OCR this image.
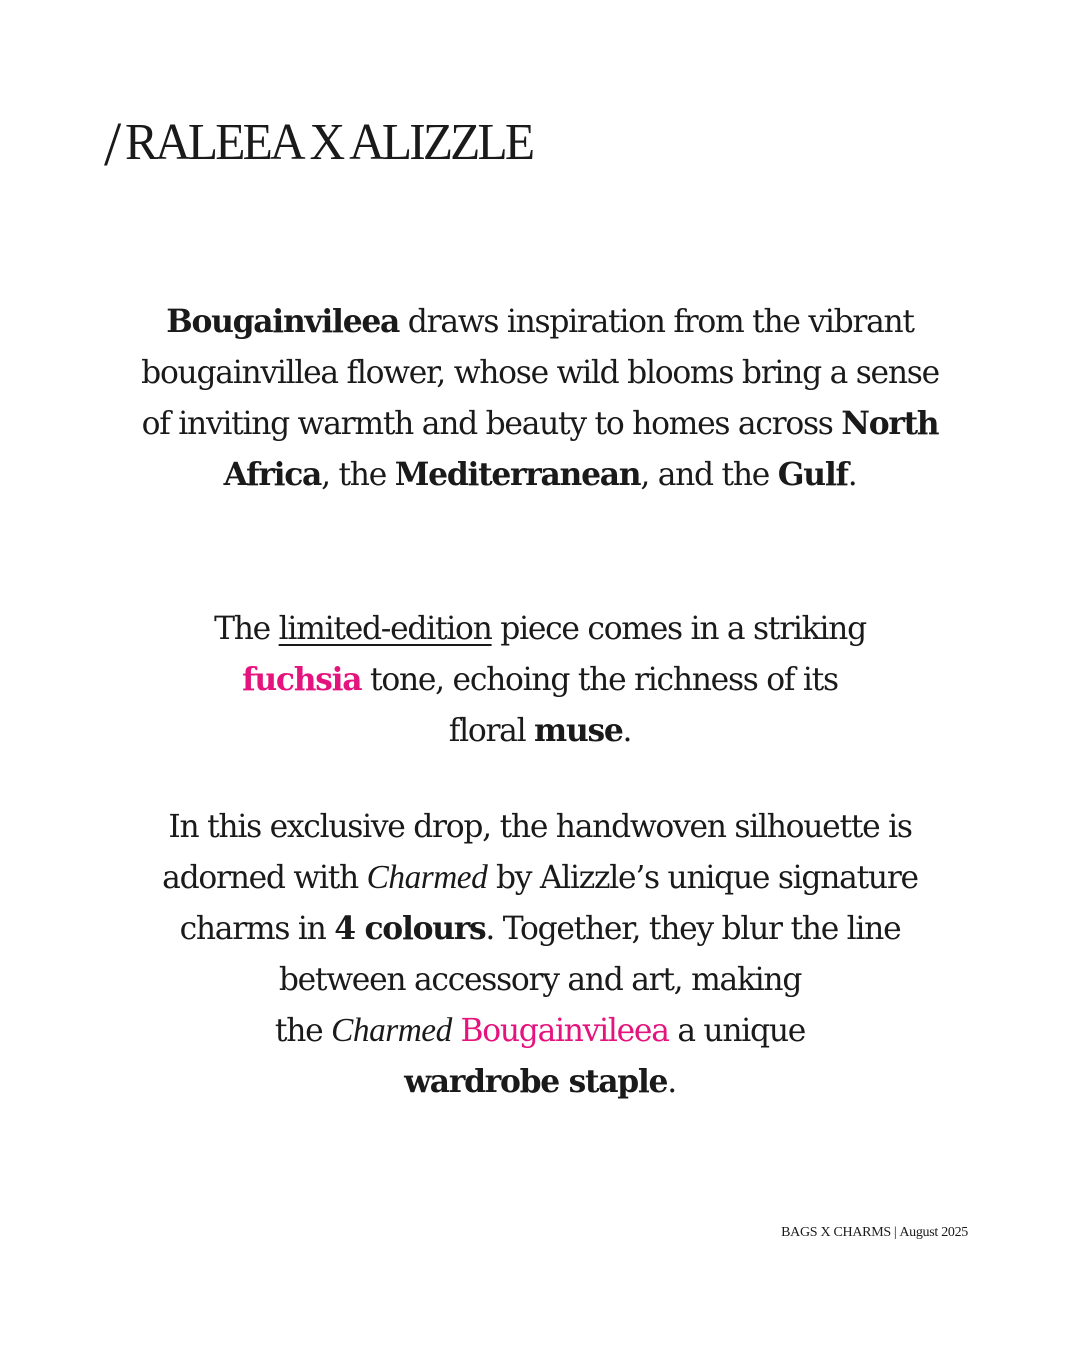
/RALEEA X ALIZZLE
Bougainvileea draws inspiration from the vibrant bougainvillea flower, whose wild blooms bring a sense of inviting warmth and beauty to homes across North Africa, the Mediterranean, and the Gulf.
The limited-edition piece comes in a striking
fuchsia tone, echoing the richness of its
floral muse.
In this exclusive drop, the handwoven silhouette is adorned with Charmed by Alizzle’s unique signature charms in 4 colours. Together, they blur the line between accessory and art, making
the Charmed Bougainvileea a unique
wardrobe staple.
BAGS X CHARMS | August 2025
